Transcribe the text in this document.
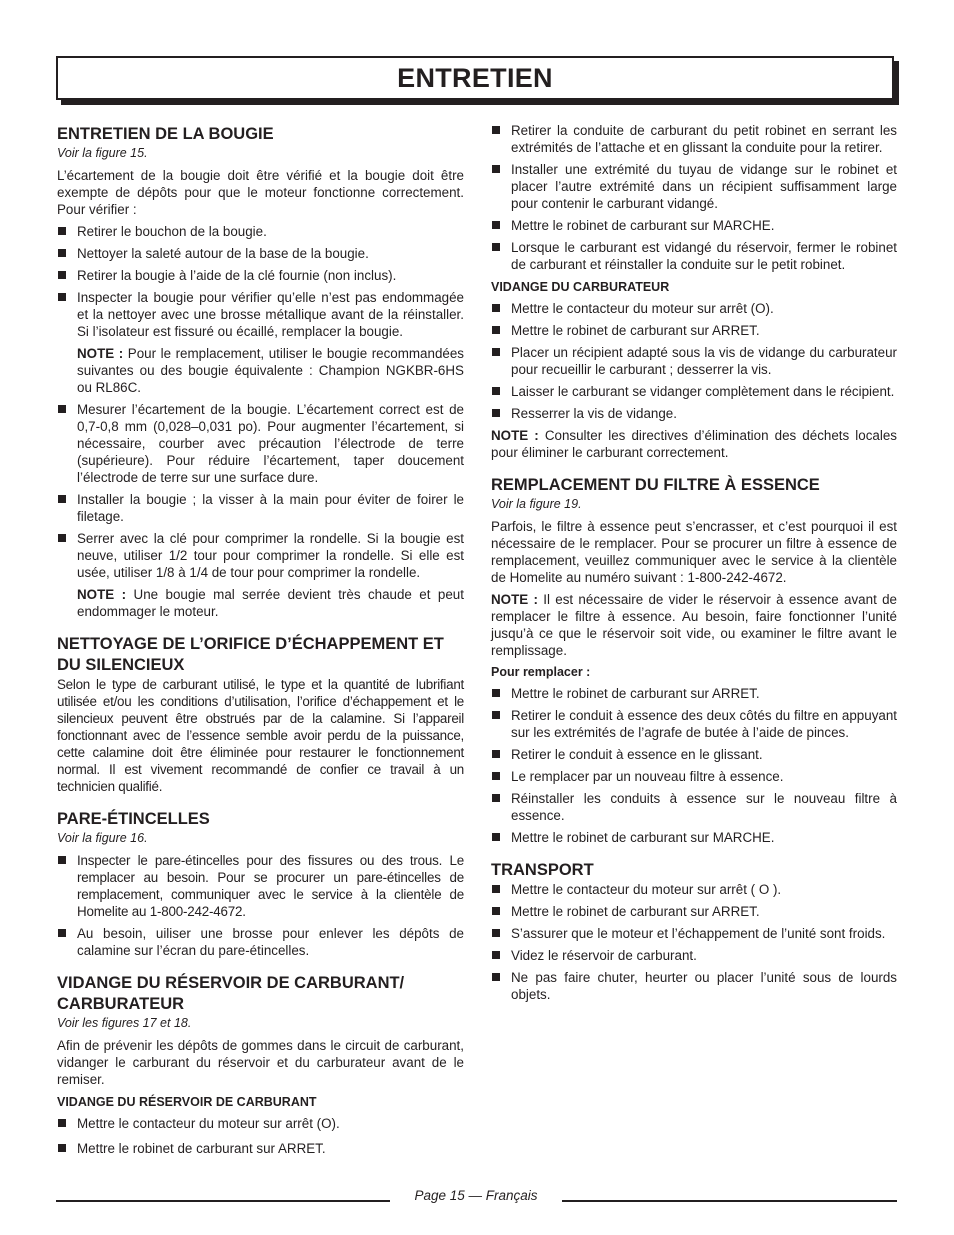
ENTRETIEN
ENTRETIEN DE LA BOUGIE
Voir la figure 15.

L’écartement de la bougie doit être vérifié et la bougie doit être exempte de dépôts pour que le moteur fonctionne correctement. Pour vérifier :

Retirer le bouchon de la bougie.
Nettoyer la saleté autour de la base de la bougie.
Retirer la bougie à l’aide de la clé fournie (non inclus).
Inspecter la bougie pour vérifier qu’elle n’est pas endommagée et la nettoyer avec une brosse métallique avant de la réinstaller. Si l’isolateur est fissuré ou écaillé, remplacer la bougie.
NOTE : Pour le remplacement, utiliser le bougie recommandées suivantes ou des bougie équivalente : Champion NGKBR-6HS ou RL86C.
Mesurer l’écartement de la bougie. L’écartement correct est de 0,7-0,8 mm (0,028–0,031 po). Pour augmenter l’écartement, si nécessaire, courber avec précaution l’électrode de terre (supérieure). Pour réduire l’écartement, taper doucement l’électrode de terre sur une surface dure.
Installer la bougie ; la visser à la main pour éviter de foirer le filetage.
Serrer avec la clé pour comprimer la rondelle. Si la bougie est neuve, utiliser 1/2 tour pour comprimer la rondelle. Si elle est usée, utiliser 1/8 à 1/4 de tour pour comprimer la rondelle.
NOTE : Une bougie mal serrée devient très chaude et peut endommager le moteur.
NETTOYAGE DE L’ORIFICE D’ÉCHAPPEMENT ET DU SILENCIEUX

Selon le type de carburant utilisé, le type et la quantité de lubrifiant utilisée et/ou les conditions d’utilisation, l’orifice d’échappement et le silencieux peuvent être obstrués par de la calamine. Si l’appareil fonctionnant avec de l’essence semble avoir perdu de la puissance, cette calamine doit être éliminée pour restaurer le fonctionnement normal. Il est vivement recommandé de confier ce travail à un technicien qualifié.

PARE-ÉTINCELLES
Voir la figure 16.
Inspecter le pare-étincelles pour des fissures ou des trous. Le remplacer au besoin. Pour se procurer un pare-étincelles de remplacement, communiquer avec le service à la clientèle de Homelite au 1-800-242-4672.
Au besoin, uiliser une brosse pour enlever les dépôts de calamine sur l’écran du pare-étincelles.
VIDANGE DU RÉSERVOIR DE CARBURANT/ CARBURATEUR
Voir les figures 17 et 18.

Afin de prévenir les dépôts de gommes dans le circuit de carburant, vidanger le carburant du réservoir et du carburateur avant de le remiser.

VIDANGE DU RÉSERVOIR DE CARBURANT
Mettre le contacteur du moteur sur arrêt (O).
Mettre le robinet de carburant sur ARRET.
Retirer la conduite de carburant du petit robinet en serrant les extrémités de l’attache et en glissant la conduite pour la retirer.
Installer une extrémité du tuyau de vidange sur le robinet et placer l’autre extrémité dans un récipient suffisamment large pour contenir le carburant vidangé.
Mettre le robinet de carburant sur MARCHE.
Lorsque le carburant est vidangé du réservoir, fermer le robinet de carburant et réinstaller la conduite sur le petit robinet.
VIDANGE DU CARBURATEUR
Mettre le contacteur du moteur sur arrêt (O).
Mettre le robinet de carburant sur ARRET.
Placer un récipient adapté sous la vis de vidange du carburateur pour recueillir le carburant ; desserrer la vis.
Laisser le carburant se vidanger complètement dans le récipient.
Resserrer la vis de vidange.

NOTE : Consulter les directives d’élimination des déchets locales pour éliminer le carburant correctement.

REMPLACEMENT DU FILTRE À ESSENCE
Voir la figure 19.

Parfois, le filtre à essence peut s’encrasser, et c’est pourquoi il est nécessaire de le remplacer. Pour se procurer un filtre à essence de remplacement, veuillez communiquer avec le service à la clientèle de Homelite au numéro suivant : 1-800-242-4672.

NOTE : Il est nécessaire de vider le réservoir à essence avant de remplacer le filtre à essence. Au besoin, faire fonctionner l’unité jusqu’à ce que le réservoir soit vide, ou examiner le filtre avant le remplissage.

Pour remplacer :
Mettre le robinet de carburant sur ARRET.
Retirer le conduit à essence des deux côtés du filtre en appuyant sur les extrémités de l’agrafe de butée à l’aide de pinces.
Retirer le conduit à essence en le glissant.
Le remplacer par un nouveau filtre à essence.
Réinstaller les conduits à essence sur le nouveau filtre à essence.
Mettre le robinet de carburant sur MARCHE.
TRANSPORT
Mettre le contacteur du moteur sur arrêt ( O ).
Mettre le robinet de carburant sur ARRET.
S’assurer que le moteur et l’échappement de l’unité sont froids.
Videz le réservoir de carburant.
Ne pas faire chuter, heurter ou placer l’unité sous de lourds objets.
Page 15 — Français
